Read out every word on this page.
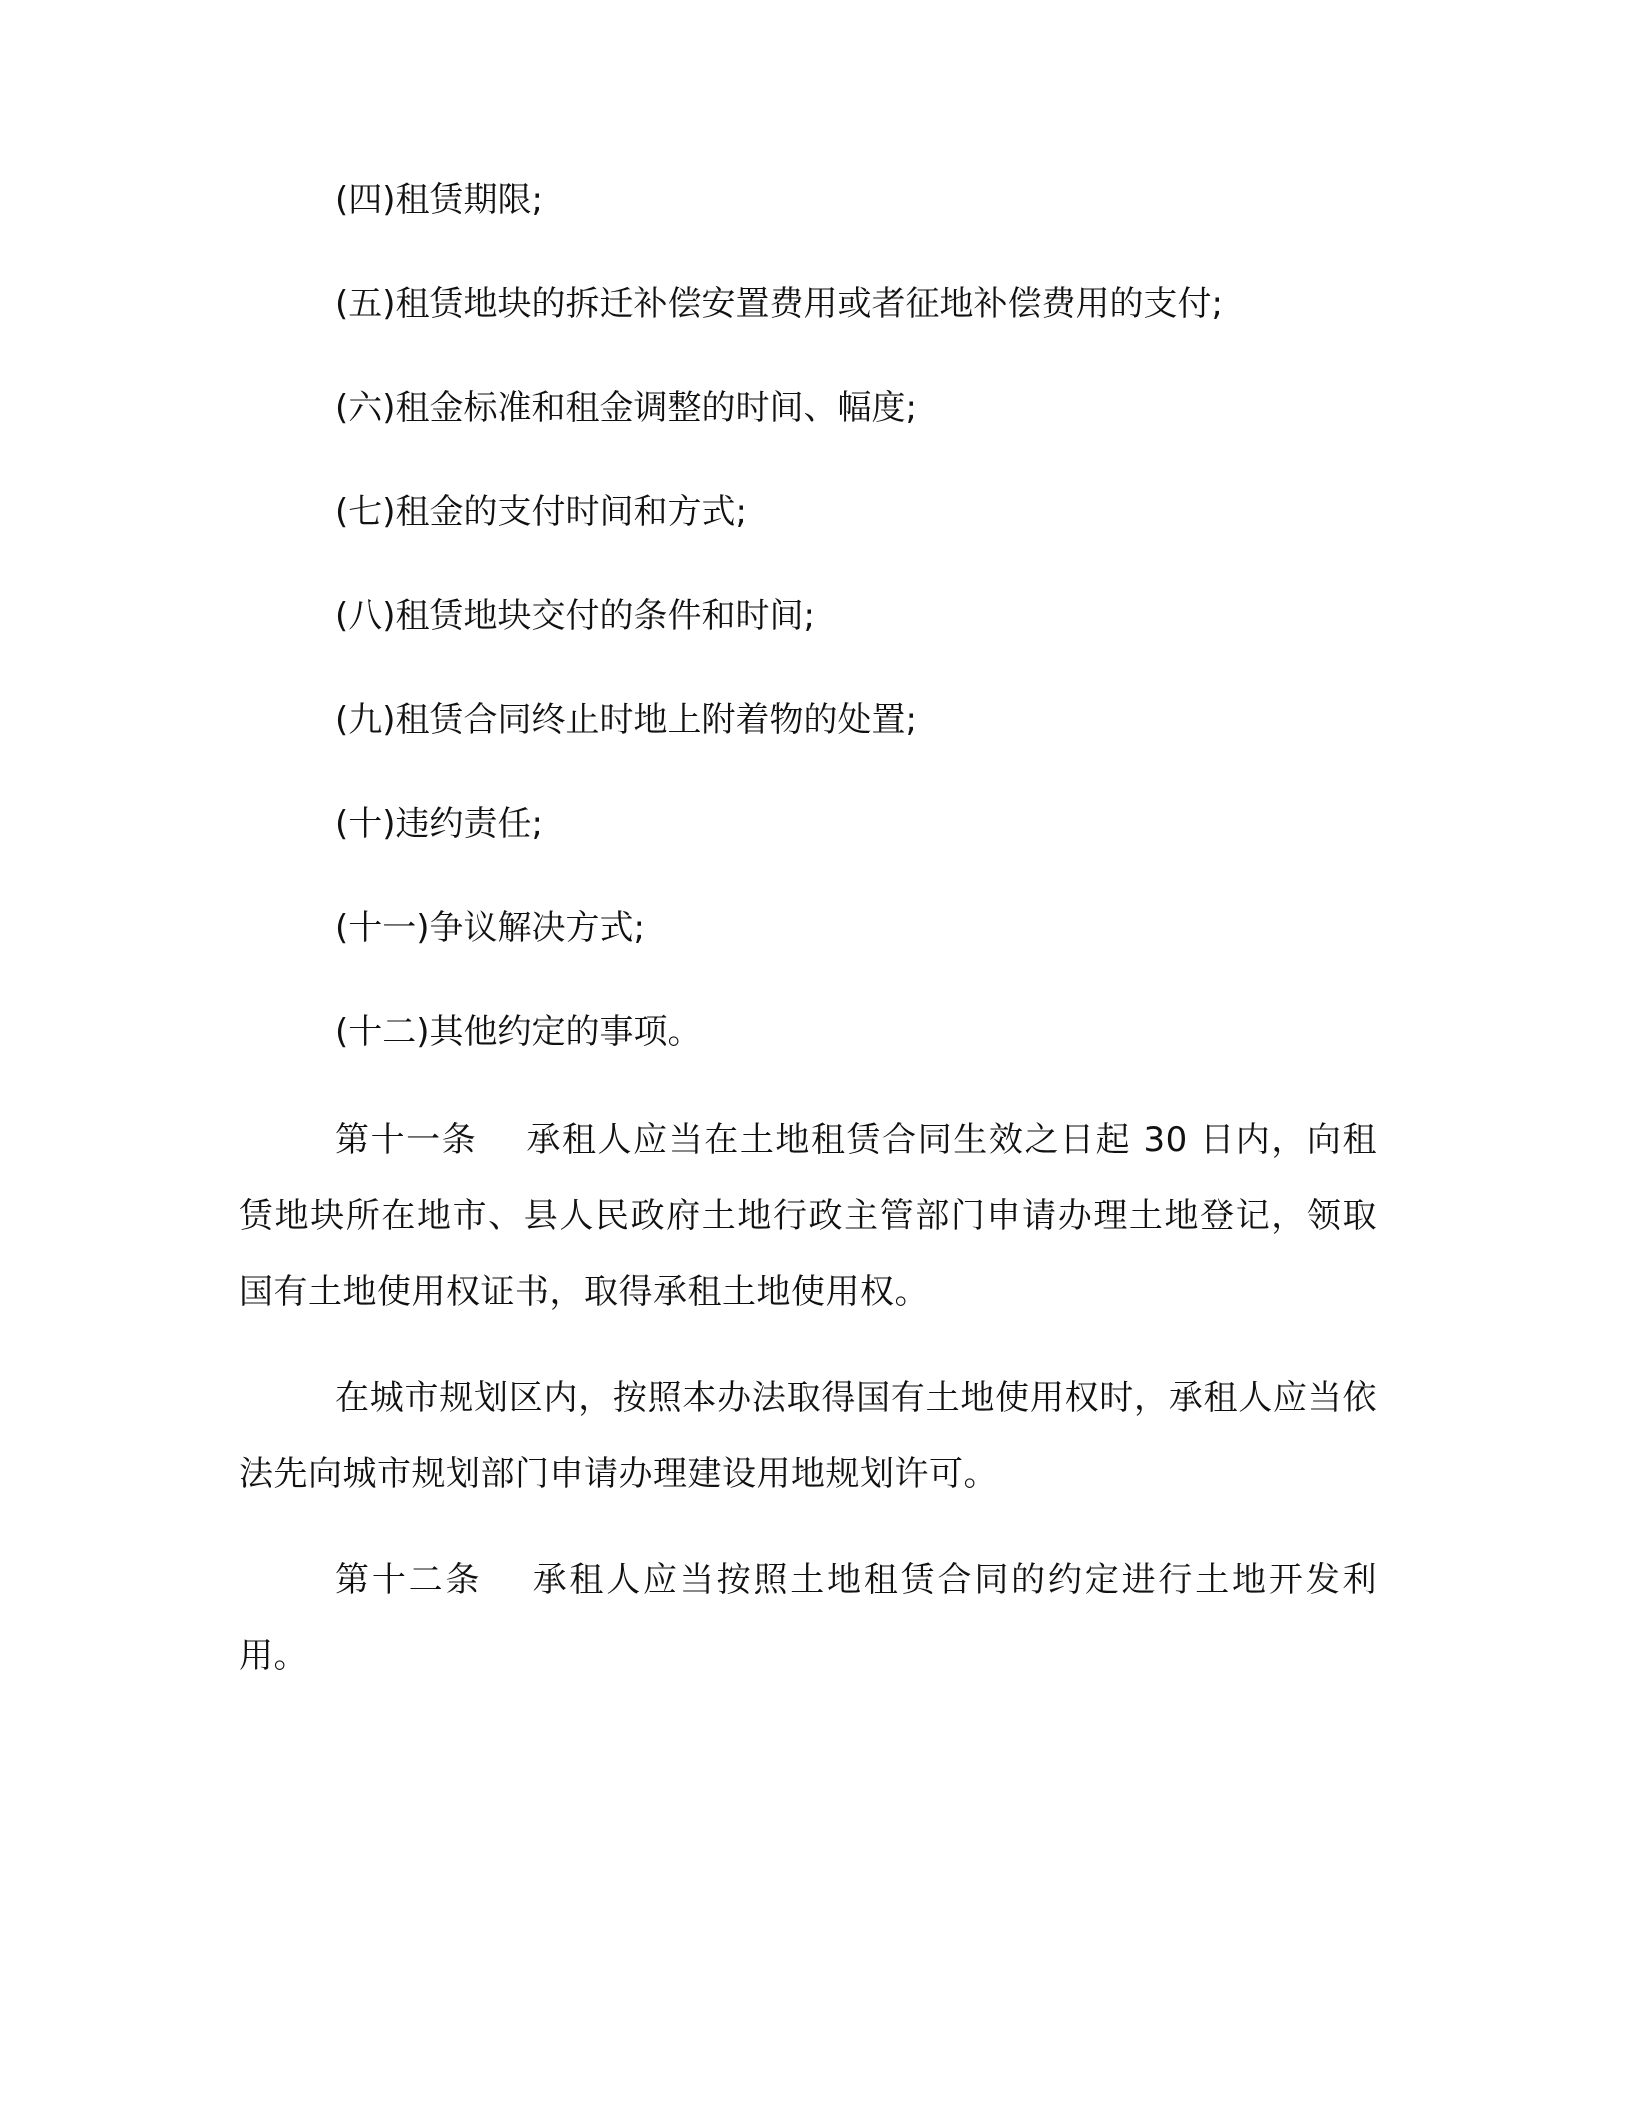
(四)租赁期限;

(五)租赁地块的拆迁补偿安置费用或者征地补偿费用的支付;

(六)租金标准和租金调整的时间、幅度;

(七)租金的支付时间和方式;

(八)租赁地块交付的条件和时间;

(九)租赁合同终止时地上附着物的处置;

(十)违约责任;

(十一)争议解决方式;

(十二)其他约定的事项。

第十一条 承租人应当在土地租赁合同生效之日起 30 日内，向租赁地块所在地市、县人民政府土地行政主管部门申请办理土地登记，领取国有土地使用权证书，取得承租土地使用权。

在城市规划区内，按照本办法取得国有土地使用权时，承租人应当依法先向城市规划部门申请办理建设用地规划许可。

第十二条 承租人应当按照土地租赁合同的约定进行土地开发利用。
